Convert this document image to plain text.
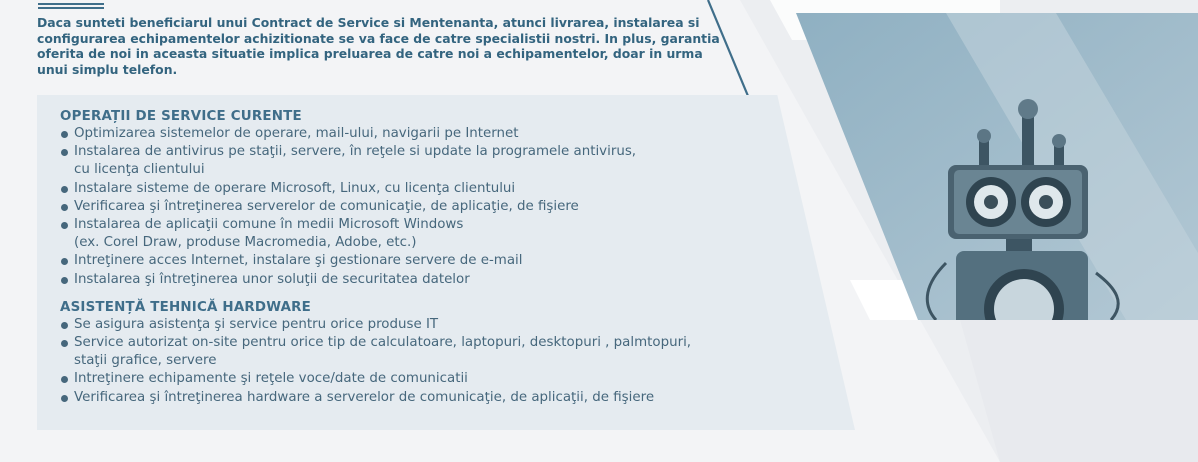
Daca sunteti beneficiarul unui Contract de Service si Mentenanta, atunci livrarea, instalarea si configurarea echipamentelor achizitionate se va face de catre specialistii nostri. In plus, garantia oferita de noi in aceasta situatie implica preluarea de catre noi a echipamentelor, doar in urma unui simplu telefon.

OPERAȚII DE SERVICE CURENTE
Optimizarea sistemelor de operare, mail-ului, navigarii pe Internet
Instalarea de antivirus pe staţii, servere, în reţele si update la programele antivirus,
cu licenţa clientului
Instalare sisteme de operare Microsoft, Linux, cu licenţa clientului
Verificarea şi întreţinerea serverelor de comunicaţie, de aplicaţie, de fişiere
Instalarea de aplicaţii comune în medii Microsoft Windows
(ex. Corel Draw, produse Macromedia, Adobe, etc.)
Intreţinere acces Internet, instalare şi gestionare servere de e-mail
Instalarea şi întreţinerea unor soluţii de securitatea datelor
ASISTENȚĂ TEHNICĂ HARDWARE
Se asigura asistenţa şi service pentru orice produse IT
Service autorizat on-site pentru orice tip de calculatoare, laptopuri, desktopuri , palmtopuri,
staţii grafice, servere
Intreţinere echipamente şi reţele voce/date de comunicatii
Verificarea şi întreţinerea hardware a serverelor de comunicaţie, de aplicaţii, de fişiere
